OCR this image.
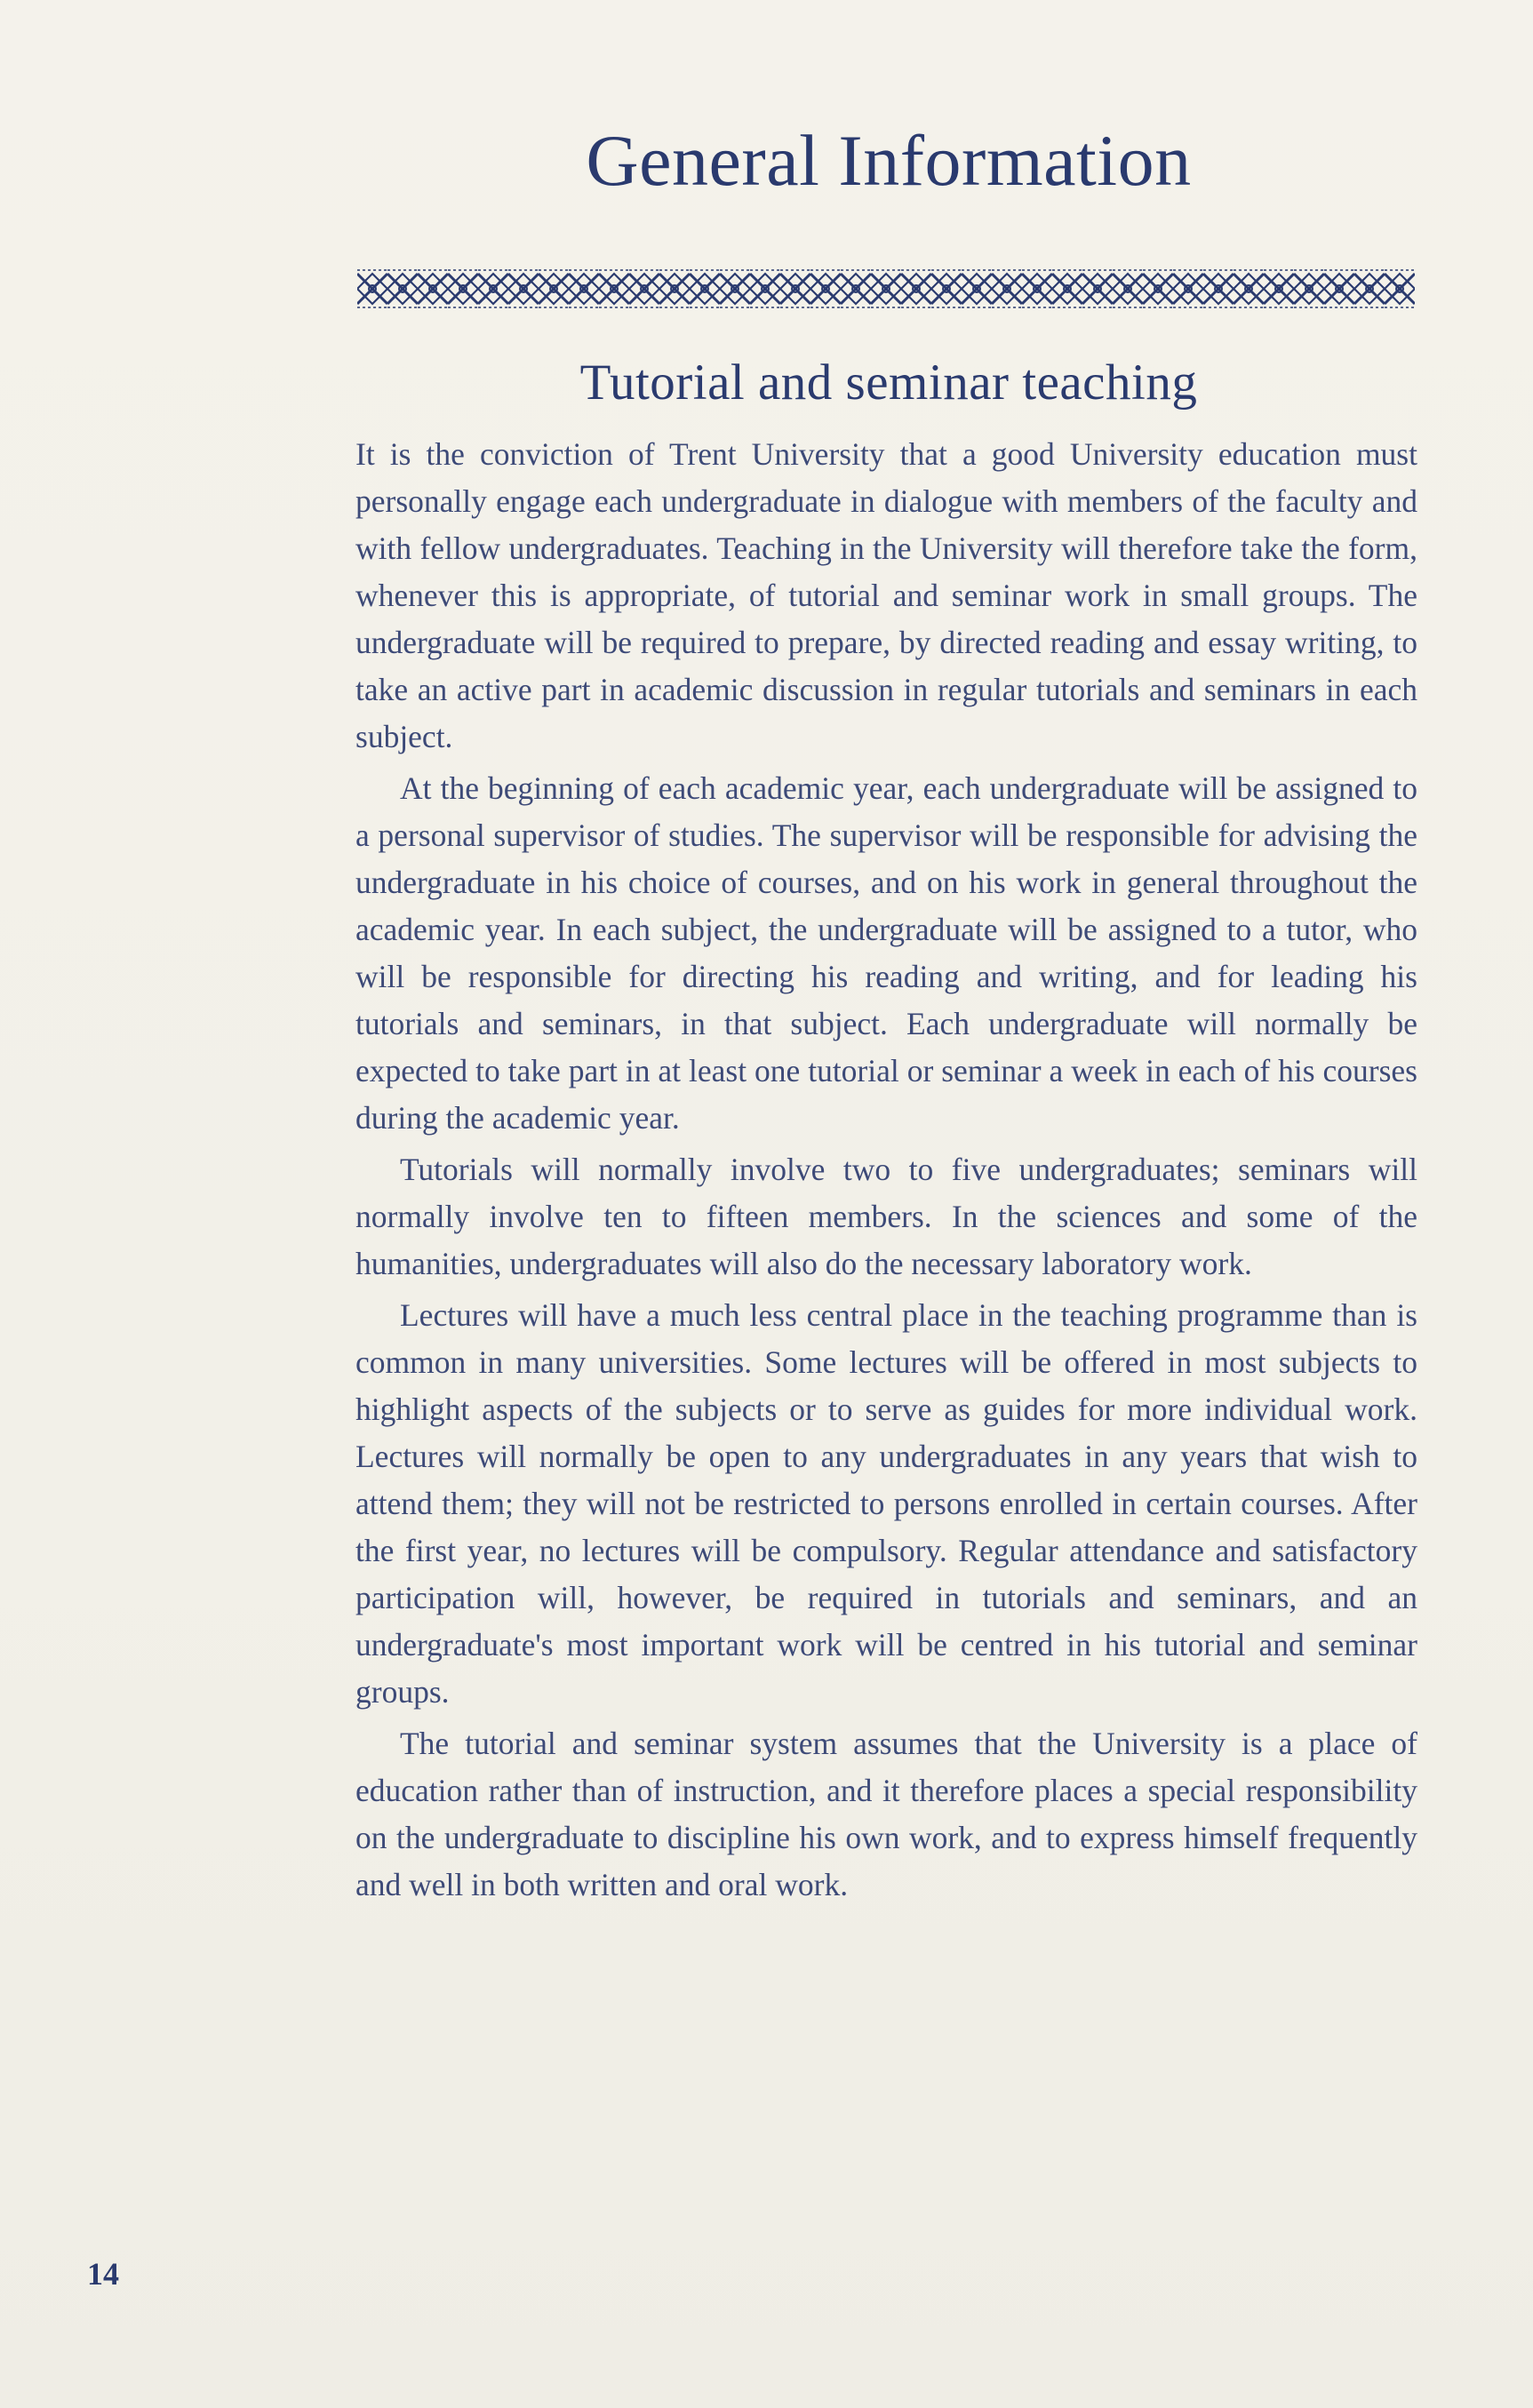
General Information
Tutorial and seminar teaching

It is the conviction of Trent University that a good University education must personally engage each undergraduate in dialogue with members of the faculty and with fellow undergraduates. Teaching in the University will therefore take the form, whenever this is appropriate, of tutorial and seminar work in small groups. The undergraduate will be required to prepare, by directed reading and essay writing, to take an active part in academic discussion in regular tutorials and seminars in each subject.

At the beginning of each academic year, each undergraduate will be assigned to a personal supervisor of studies. The supervisor will be responsible for advising the undergraduate in his choice of courses, and on his work in general throughout the academic year. In each subject, the undergraduate will be assigned to a tutor, who will be responsible for directing his reading and writing, and for leading his tutorials and seminars, in that subject. Each undergraduate will normally be expected to take part in at least one tutorial or seminar a week in each of his courses during the academic year.

Tutorials will normally involve two to five undergraduates; seminars will normally involve ten to fifteen members. In the sciences and some of the humanities, undergraduates will also do the necessary laboratory work.

Lectures will have a much less central place in the teaching programme than is common in many universities. Some lectures will be offered in most subjects to highlight aspects of the subjects or to serve as guides for more individual work. Lectures will normally be open to any undergraduates in any years that wish to attend them; they will not be restricted to persons enrolled in certain courses. After the first year, no lectures will be compulsory. Regular attendance and satisfactory participation will, however, be required in tutorials and seminars, and an undergraduate's most important work will be centred in his tutorial and seminar groups.

The tutorial and seminar system assumes that the University is a place of education rather than of instruction, and it therefore places a special responsibility on the undergraduate to discipline his own work, and to express himself frequently and well in both written and oral work.

14
